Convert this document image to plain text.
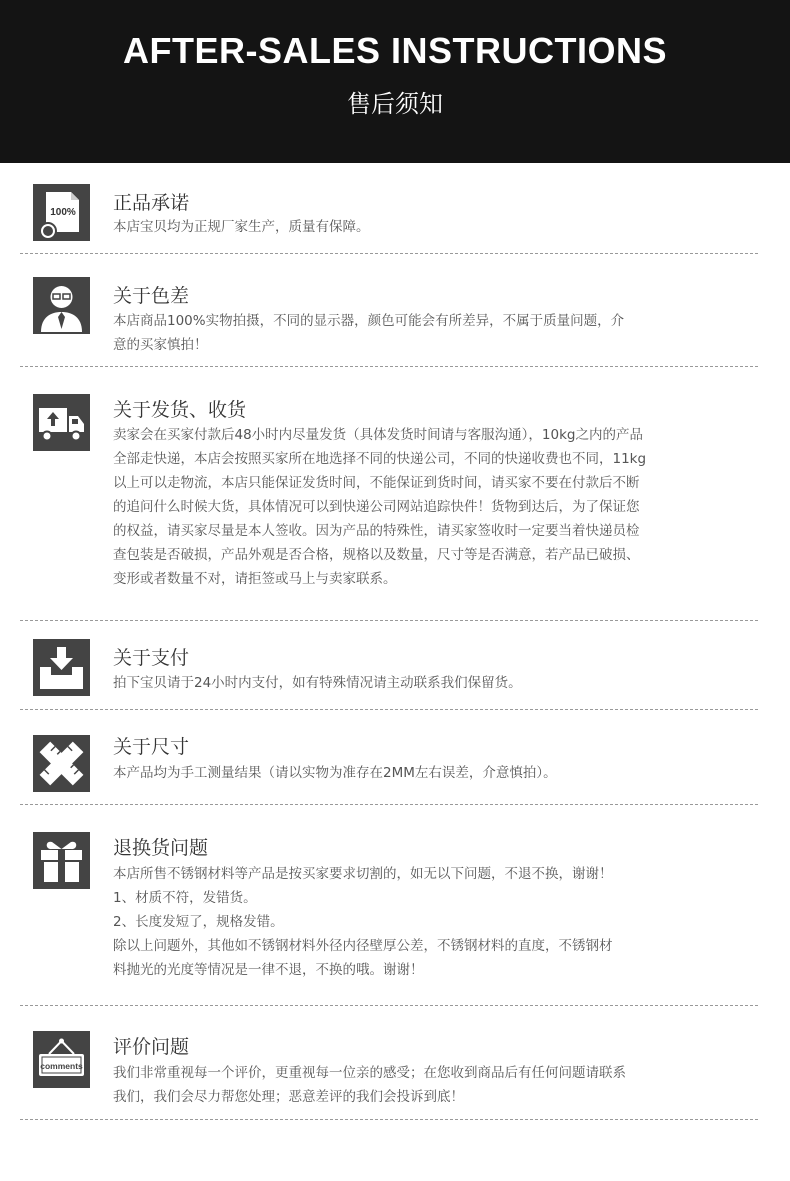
AFTER-SALES INSTRUCTIONS
售后须知
100% 正品承诺
本店宝贝均为正规厂家生产，质量有保障。
关于色差
本店商品100%实物拍摄，不同的显示器，颜色可能会有所差异，不属于质量问题，介
意的买家慎拍！
关于发货、收货
卖家会在买家付款后48小时内尽量发货（具体发货时间请与客服沟通），10kg之内的产品
全部走快递，本店会按照买家所在地选择不同的快递公司，不同的快递收费也不同，11kg
以上可以走物流，本店只能保证发货时间，不能保证到货时间，请买家不要在付款后不断
的追问什么时候大货，具体情况可以到快递公司网站追踪快件！货物到达后，为了保证您
的权益，请买家尽量是本人签收。因为产品的特殊性，请买家签收时一定要当着快递员检
查包装是否破损，产品外观是否合格，规格以及数量，尺寸等是否满意，若产品已破损、
变形或者数量不对，请拒签或马上与卖家联系。
关于支付
拍下宝贝请于24小时内支付，如有特殊情况请主动联系我们保留货。
关于尺寸
本产品均为手工测量结果（请以实物为准存在2MM左右误差，介意慎拍）。
退换货问题
本店所售不锈钢材料等产品是按买家要求切割的，如无以下问题，不退不换，谢谢！
1、材质不符，发错货。
2、长度发短了，规格发错。
除以上问题外，其他如不锈钢材料外径内径壁厚公差，不锈钢材料的直度，不锈钢材
料抛光的光度等情况是一律不退，不换的哦。谢谢！
comments
评价问题
我们非常重视每一个评价，更重视每一位亲的感受；在您收到商品后有任何问题请联系
我们，我们会尽力帮您处理；恶意差评的我们会投诉到底！
